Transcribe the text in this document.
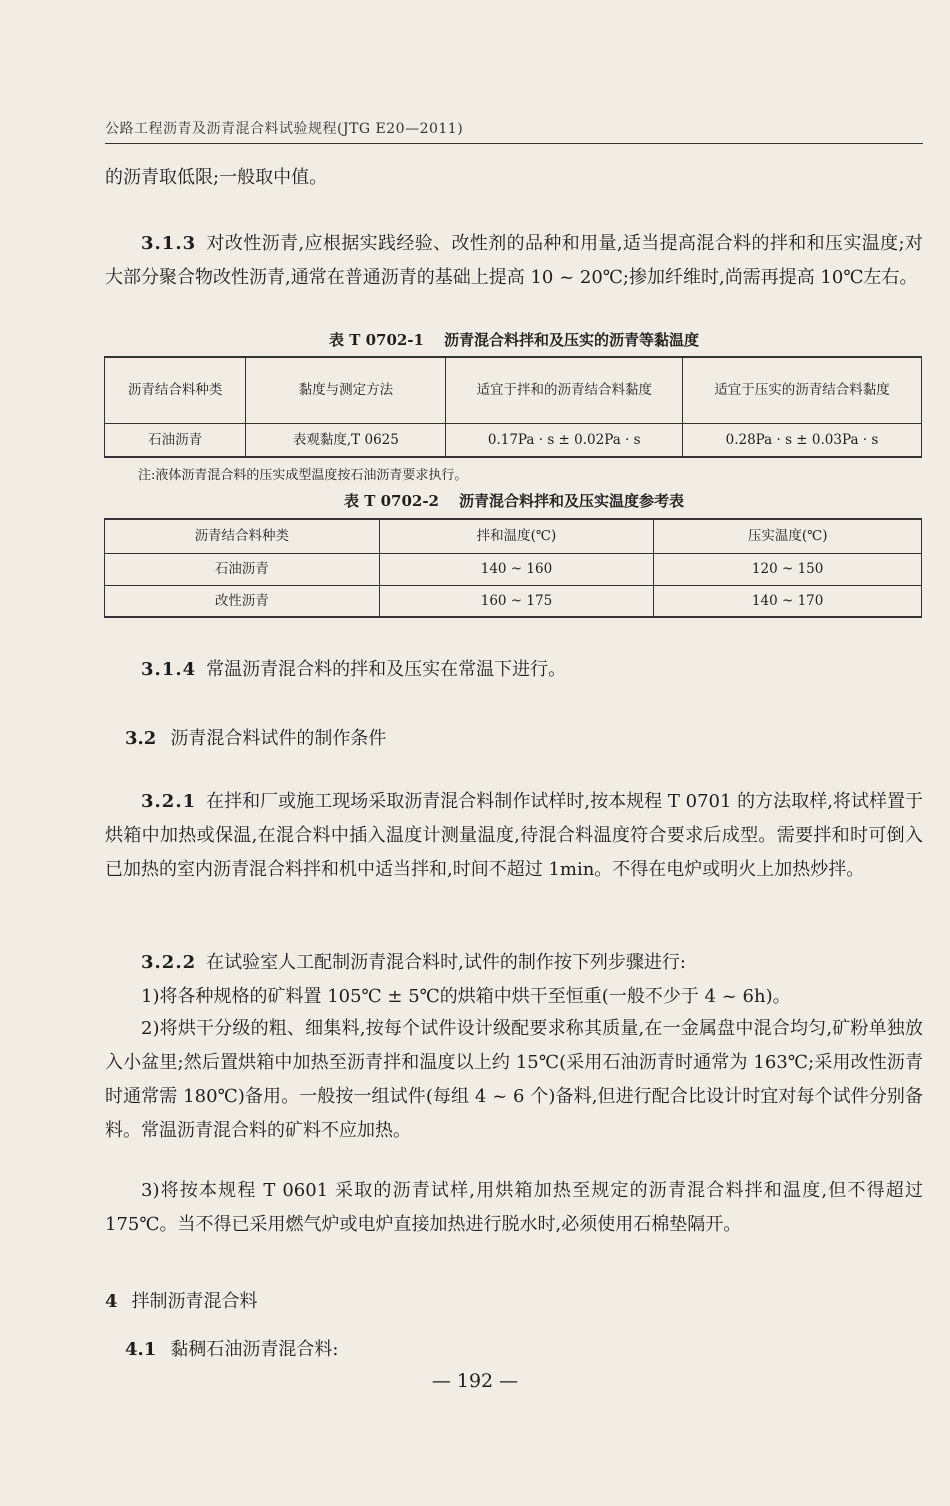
公路工程沥青及沥青混合料试验规程(JTG E20—2011)

的沥青取低限;一般取中值。

3.1.3 对改性沥青,应根据实践经验、改性剂的品种和用量,适当提高混合料的拌和和压实温度;对大部分聚合物改性沥青,通常在普通沥青的基础上提高 10 ~ 20℃;掺加纤维时,尚需再提高 10℃左右。

表 T 0702-1 沥青混合料拌和及压实的沥青等黏温度
沥青结合料种类	黏度与测定方法	适宜于拌和的沥青结合料黏度	适宜于压实的沥青结合料黏度
石油沥青	表观黏度,T 0625	0.17Pa · s ± 0.02Pa · s	0.28Pa · s ± 0.03Pa · s
注:液体沥青混合料的压实成型温度按石油沥青要求执行。
表 T 0702-2 沥青混合料拌和及压实温度参考表
沥青结合料种类	拌和温度(℃)	压实温度(℃)
石油沥青	140 ~ 160	120 ~ 150
改性沥青	160 ~ 175	140 ~ 170

3.1.4 常温沥青混合料的拌和及压实在常温下进行。

3.2 沥青混合料试件的制作条件

3.2.1 在拌和厂或施工现场采取沥青混合料制作试样时,按本规程 T 0701 的方法取样,将试样置于烘箱中加热或保温,在混合料中插入温度计测量温度,待混合料温度符合要求后成型。需要拌和时可倒入已加热的室内沥青混合料拌和机中适当拌和,时间不超过 1min。不得在电炉或明火上加热炒拌。

3.2.2 在试验室人工配制沥青混合料时,试件的制作按下列步骤进行:

1)将各种规格的矿料置 105℃ ± 5℃的烘箱中烘干至恒重(一般不少于 4 ~ 6h)。

2)将烘干分级的粗、细集料,按每个试件设计级配要求称其质量,在一金属盘中混合均匀,矿粉单独放入小盆里;然后置烘箱中加热至沥青拌和温度以上约 15℃(采用石油沥青时通常为 163℃;采用改性沥青时通常需 180℃)备用。一般按一组试件(每组 4 ~ 6 个)备料,但进行配合比设计时宜对每个试件分别备料。常温沥青混合料的矿料不应加热。

3)将按本规程 T 0601 采取的沥青试样,用烘箱加热至规定的沥青混合料拌和温度,但不得超过 175℃。当不得已采用燃气炉或电炉直接加热进行脱水时,必须使用石棉垫隔开。

4 拌制沥青混合料
4.1 黏稠石油沥青混合料:
— 192 —
